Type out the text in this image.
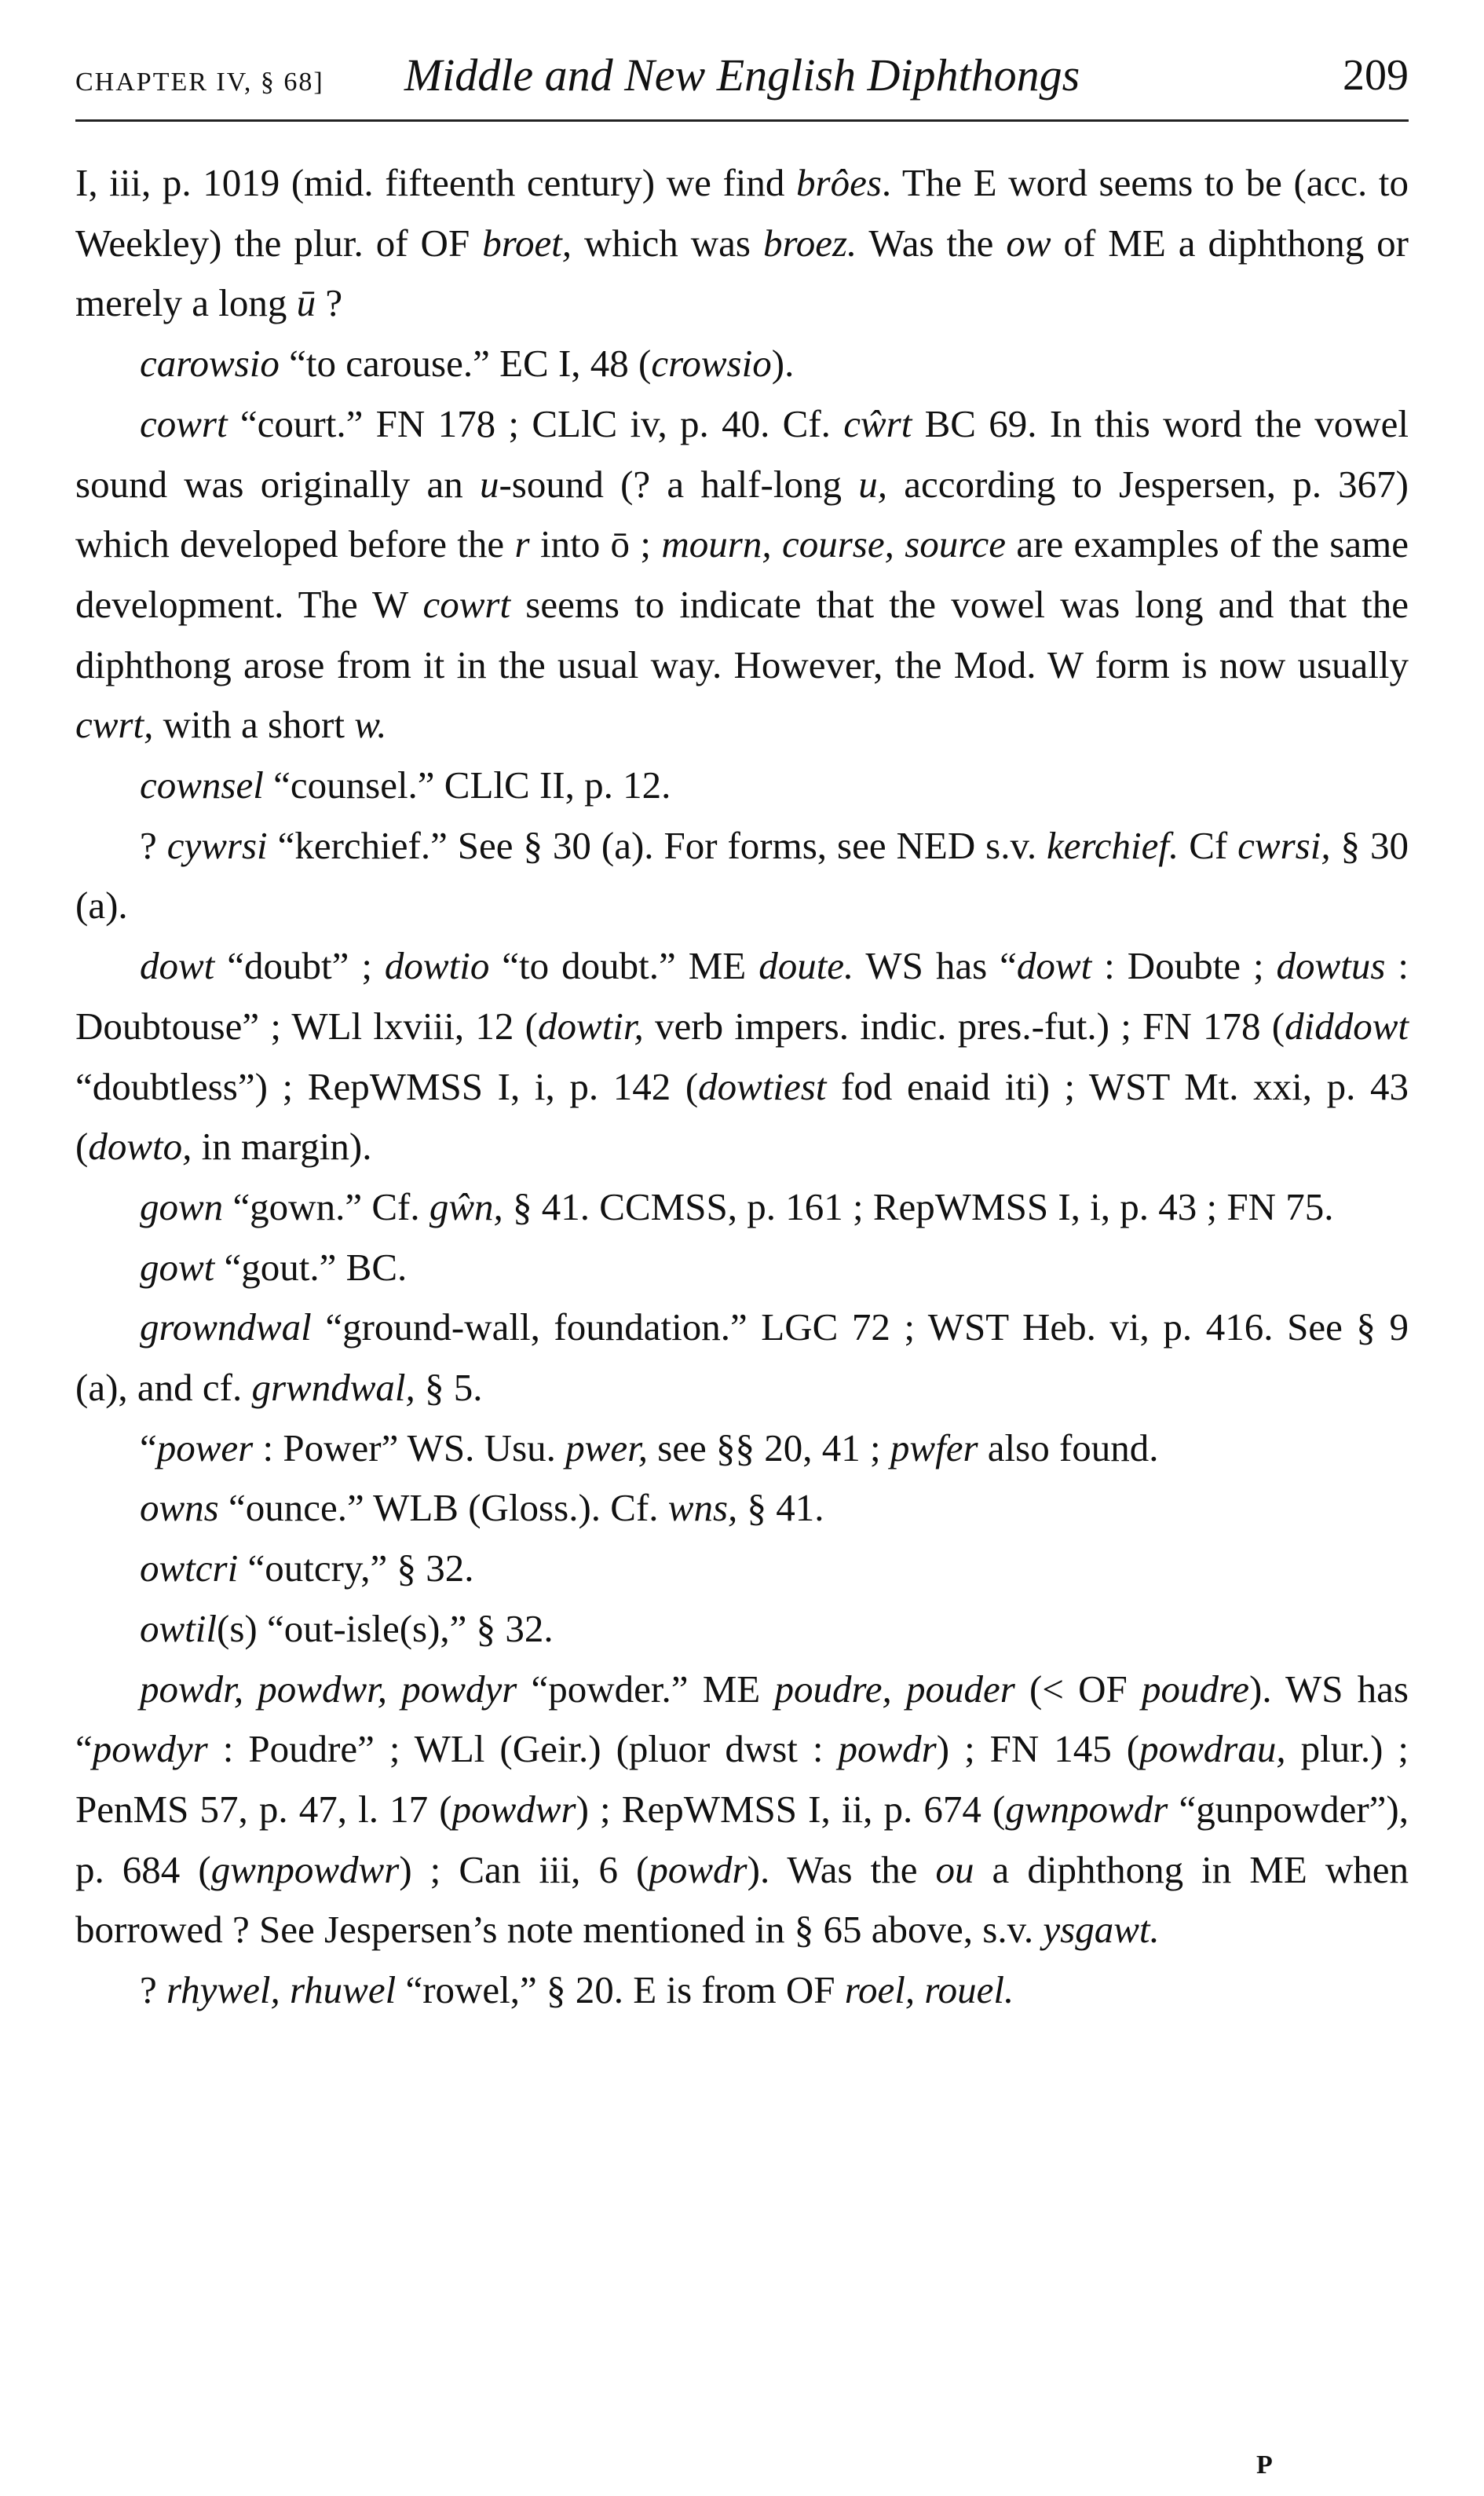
CHAPTER IV, § 68]	Middle and New English Diphthongs	209

I, iii, p. 1019 (mid. fifteenth century) we find brôes. The E word seems to be (acc. to Weekley) the plur. of OF broet, which was broez. Was the ow of ME a diphthong or merely a long ū ?

carowsio “to carouse.” EC I, 48 (crowsio).

cowrt “court.” FN 178 ; CLlC iv, p. 40. Cf. cŵrt BC 69. In this word the vowel sound was originally an u-sound (? a half-long u, according to Jespersen, p. 367) which developed before the r into ō ; mourn, course, source are examples of the same development. The W cowrt seems to indicate that the vowel was long and that the diphthong arose from it in the usual way. However, the Mod. W form is now usually cwrt, with a short w.

cownsel “counsel.” CLlC II, p. 12.

? cywrsi “kerchief.” See § 30 (a). For forms, see NED s.v. kerchief. Cf cwrsi, § 30 (a).

dowt “doubt” ; dowtio “to doubt.” ME doute. WS has “dowt : Doubte ; dowtus : Doubtouse” ; WLl lxviii, 12 (dowtir, verb impers. indic. pres.-fut.) ; FN 178 (diddowt “doubtless”) ; RepWMSS I, i, p. 142 (dowtiest fod enaid iti) ; WST Mt. xxi, p. 43 (dowto, in margin).

gown “gown.” Cf. gŵn, § 41. CCMSS, p. 161 ; RepWMSS I, i, p. 43 ; FN 75.

gowt “gout.” BC.

growndwal “ground-wall, foundation.” LGC 72 ; WST Heb. vi, p. 416. See § 9 (a), and cf. grwndwal, § 5.

“power : Power” WS. Usu. pwer, see §§ 20, 41 ; pwfer also found.

owns “ounce.” WLB (Gloss.). Cf. wns, § 41.

owtcri “outcry,” § 32.

owtil(s) “out-isle(s),” § 32.

powdr, powdwr, powdyr “powder.” ME poudre, pouder (< OF poudre). WS has “powdyr : Poudre” ; WLl (Geir.) (pluor dwst : powdr) ; FN 145 (powdrau, plur.) ; PenMS 57, p. 47, l. 17 (powdwr) ; RepWMSS I, ii, p. 674 (gwnpowdr “gunpowder”), p. 684 (gwnpowdwr) ; Can iii, 6 (powdr). Was the ou a diphthong in ME when borrowed ? See Jespersen’s note mentioned in § 65 above, s.v. ysgawt.

? rhywel, rhuwel “rowel,” § 20. E is from OF roel, rouel.

P
